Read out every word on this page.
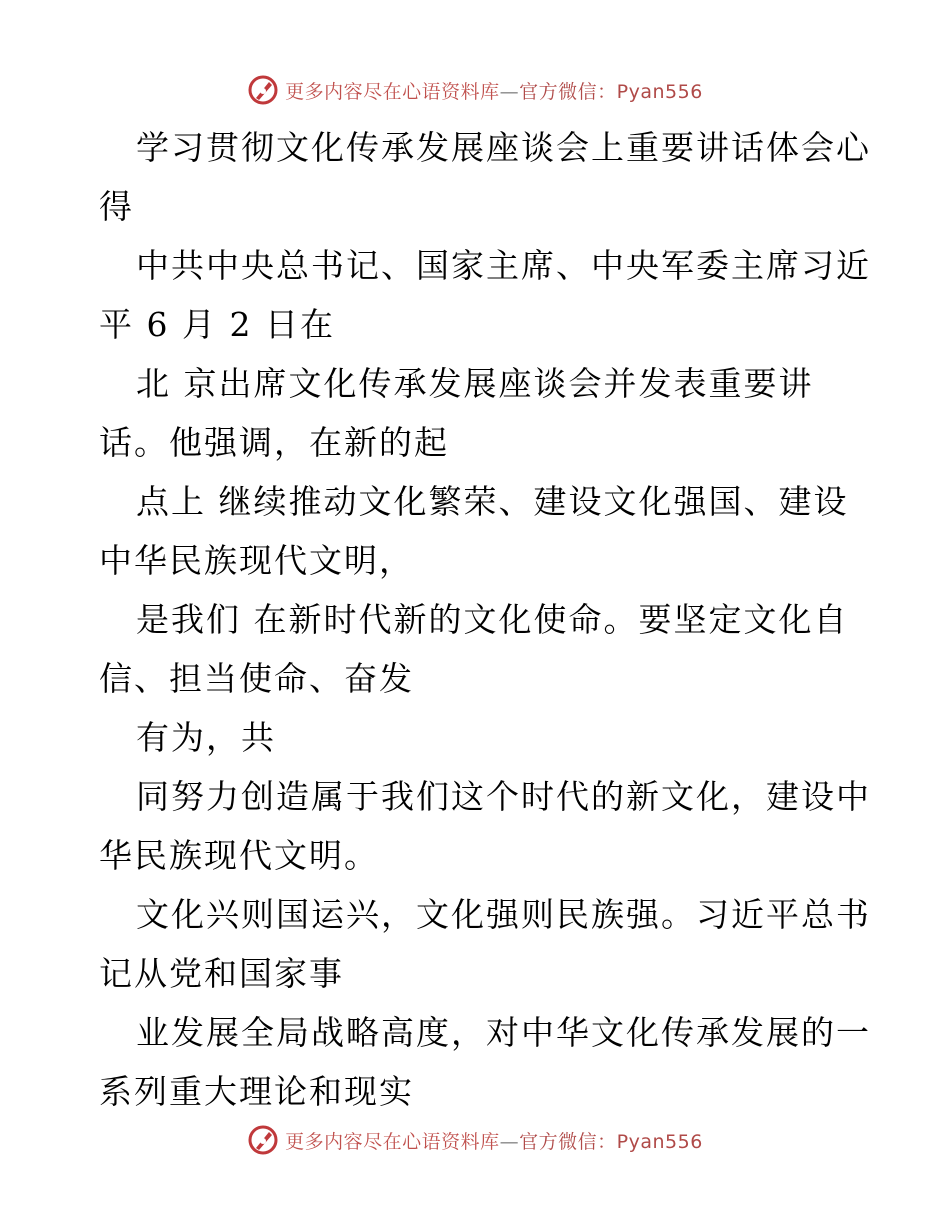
更多内容尽在心语资料库—官方微信：Pyan556
学习贯彻文化传承发展座谈会上重要讲话体会心
得
中共中央总书记、国家主席、中央军委主席习近
平 6 月 2 日在
北 京出席文化传承发展座谈会并发表重要讲
话。他强调，在新的起
点上 继续推动文化繁荣、建设文化强国、建设
中华民族现代文明，
是我们 在新时代新的文化使命。要坚定文化自
信、担当使命、奋发
有为，共
同努力创造属于我们这个时代的新文化，建设中
华民族现代文明。
文化兴则国运兴，文化强则民族强。习近平总书
记从党和国家事
业发展全局战略高度，对中华文化传承发展的一
系列重大理论和现实
更多内容尽在心语资料库—官方微信：Pyan556
